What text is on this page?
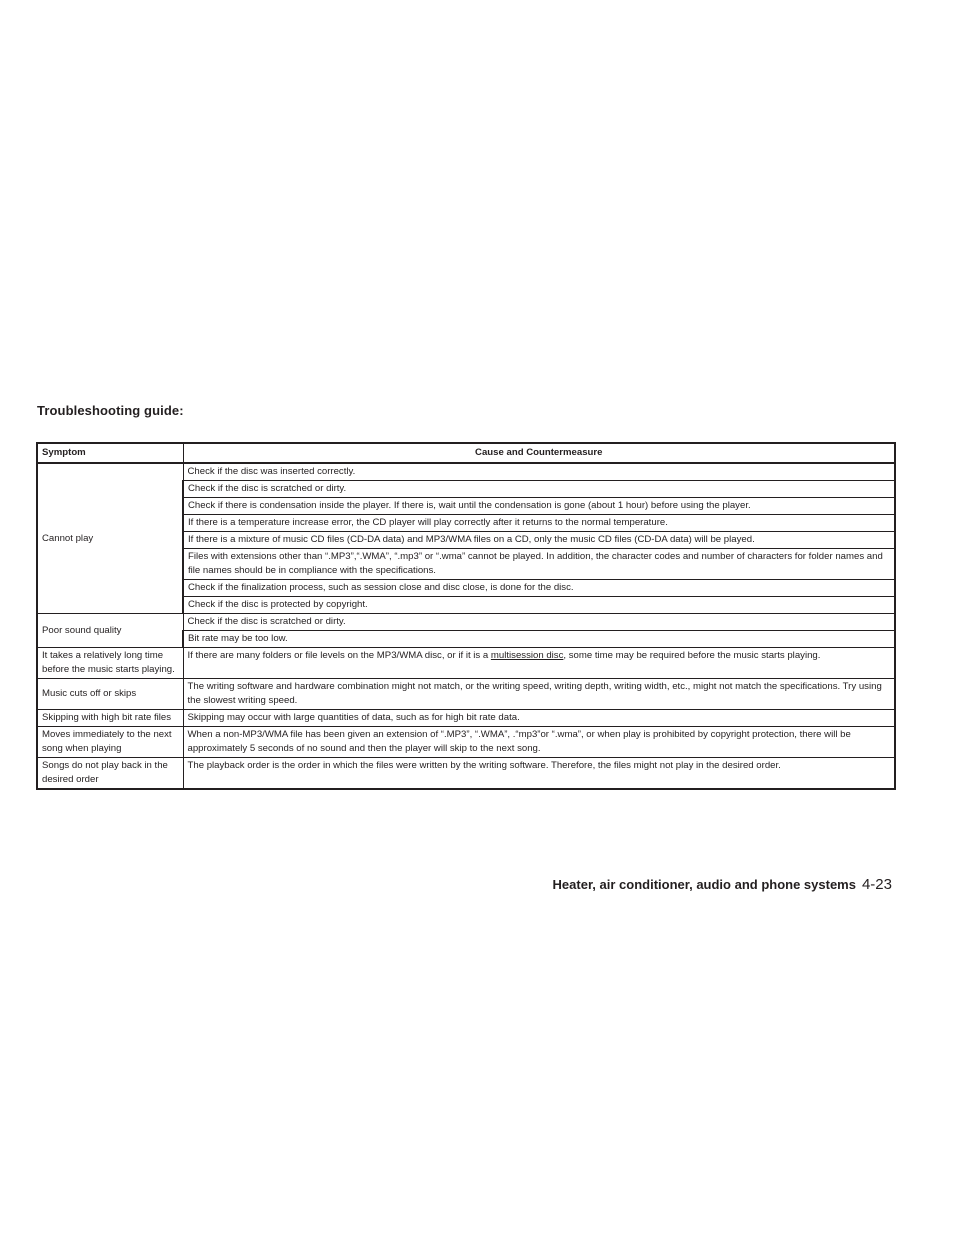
Troubleshooting guide:
Symptom	Cause and Countermeasure
Cannot play	Check if the disc was inserted correctly.
	Check if the disc is scratched or dirty.
	Check if there is condensation inside the player. If there is, wait until the condensation is gone (about 1 hour) before using the player.
	If there is a temperature increase error, the CD player will play correctly after it returns to the normal temperature.
	If there is a mixture of music CD files (CD-DA data) and MP3/WMA files on a CD, only the music CD files (CD-DA data) will be played.
	Files with extensions other than “.MP3”,“.WMA”, “.mp3” or “.wma” cannot be played. In addition, the character codes and number of characters for folder names and file names should be in compliance with the specifications.
	Check if the finalization process, such as session close and disc close, is done for the disc.
	Check if the disc is protected by copyright.
Poor sound quality	Check if the disc is scratched or dirty.
	Bit rate may be too low.
It takes a relatively long time before the music starts playing.	If there are many folders or file levels on the MP3/WMA disc, or if it is a multisession disc, some time may be required before the music starts playing.
Music cuts off or skips	The writing software and hardware combination might not match, or the writing speed, writing depth, writing width, etc., might not match the specifications. Try using the slowest writing speed.
Skipping with high bit rate files	Skipping may occur with large quantities of data, such as for high bit rate data.
Moves immediately to the next song when playing	When a non-MP3/WMA file has been given an extension of “.MP3”, “.WMA”, .“mp3”or “.wma”, or when play is prohibited by copyright protection, there will be approximately 5 seconds of no sound and then the player will skip to the next song.
Songs do not play back in the desired order	The playback order is the order in which the files were written by the writing software. Therefore, the files might not play in the desired order.
Heater, air conditioner, audio and phone systems 4-23
